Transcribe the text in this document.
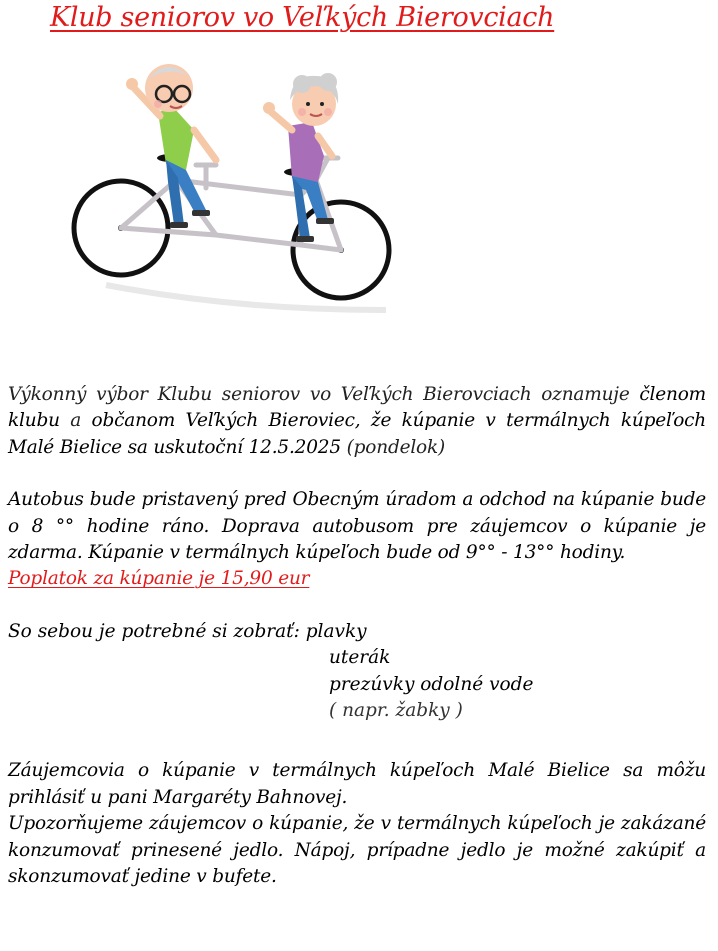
Klub seniorov vo Veľkých Bierovciach

Výkonný výbor Klubu seniorov vo Veľkých Bierovciach oznamuje členom klubu a občanom Veľkých Bieroviec, že kúpanie v termálnych kúpeľoch Malé Bielice sa uskutoční 12.5.2025 (pondelok)

Autobus bude pristavený pred Obecným úradom a odchod na kúpanie bude o 8 °° hodine ráno. Doprava autobusom pre záujemcov o kúpanie je zdarma. Kúpanie v termálnych kúpeľoch bude od 9°° - 13°° hodiny.
Poplatok za kúpanie je 15,90 eur

So sebou je potrebné si zobrať: plavky
uterák
prezúvky odolné vode
( napr. žabky )

Záujemcovia o kúpanie v termálnych kúpeľoch Malé Bielice sa môžu prihlásiť u pani Margaréty Bahnovej.

Upozorňujeme záujemcov o kúpanie, že v termálnych kúpeľoch je zakázané konzumovať prinesené jedlo. Nápoj, prípadne jedlo je možné zakúpiť a skonzumovať jedine v bufete.
